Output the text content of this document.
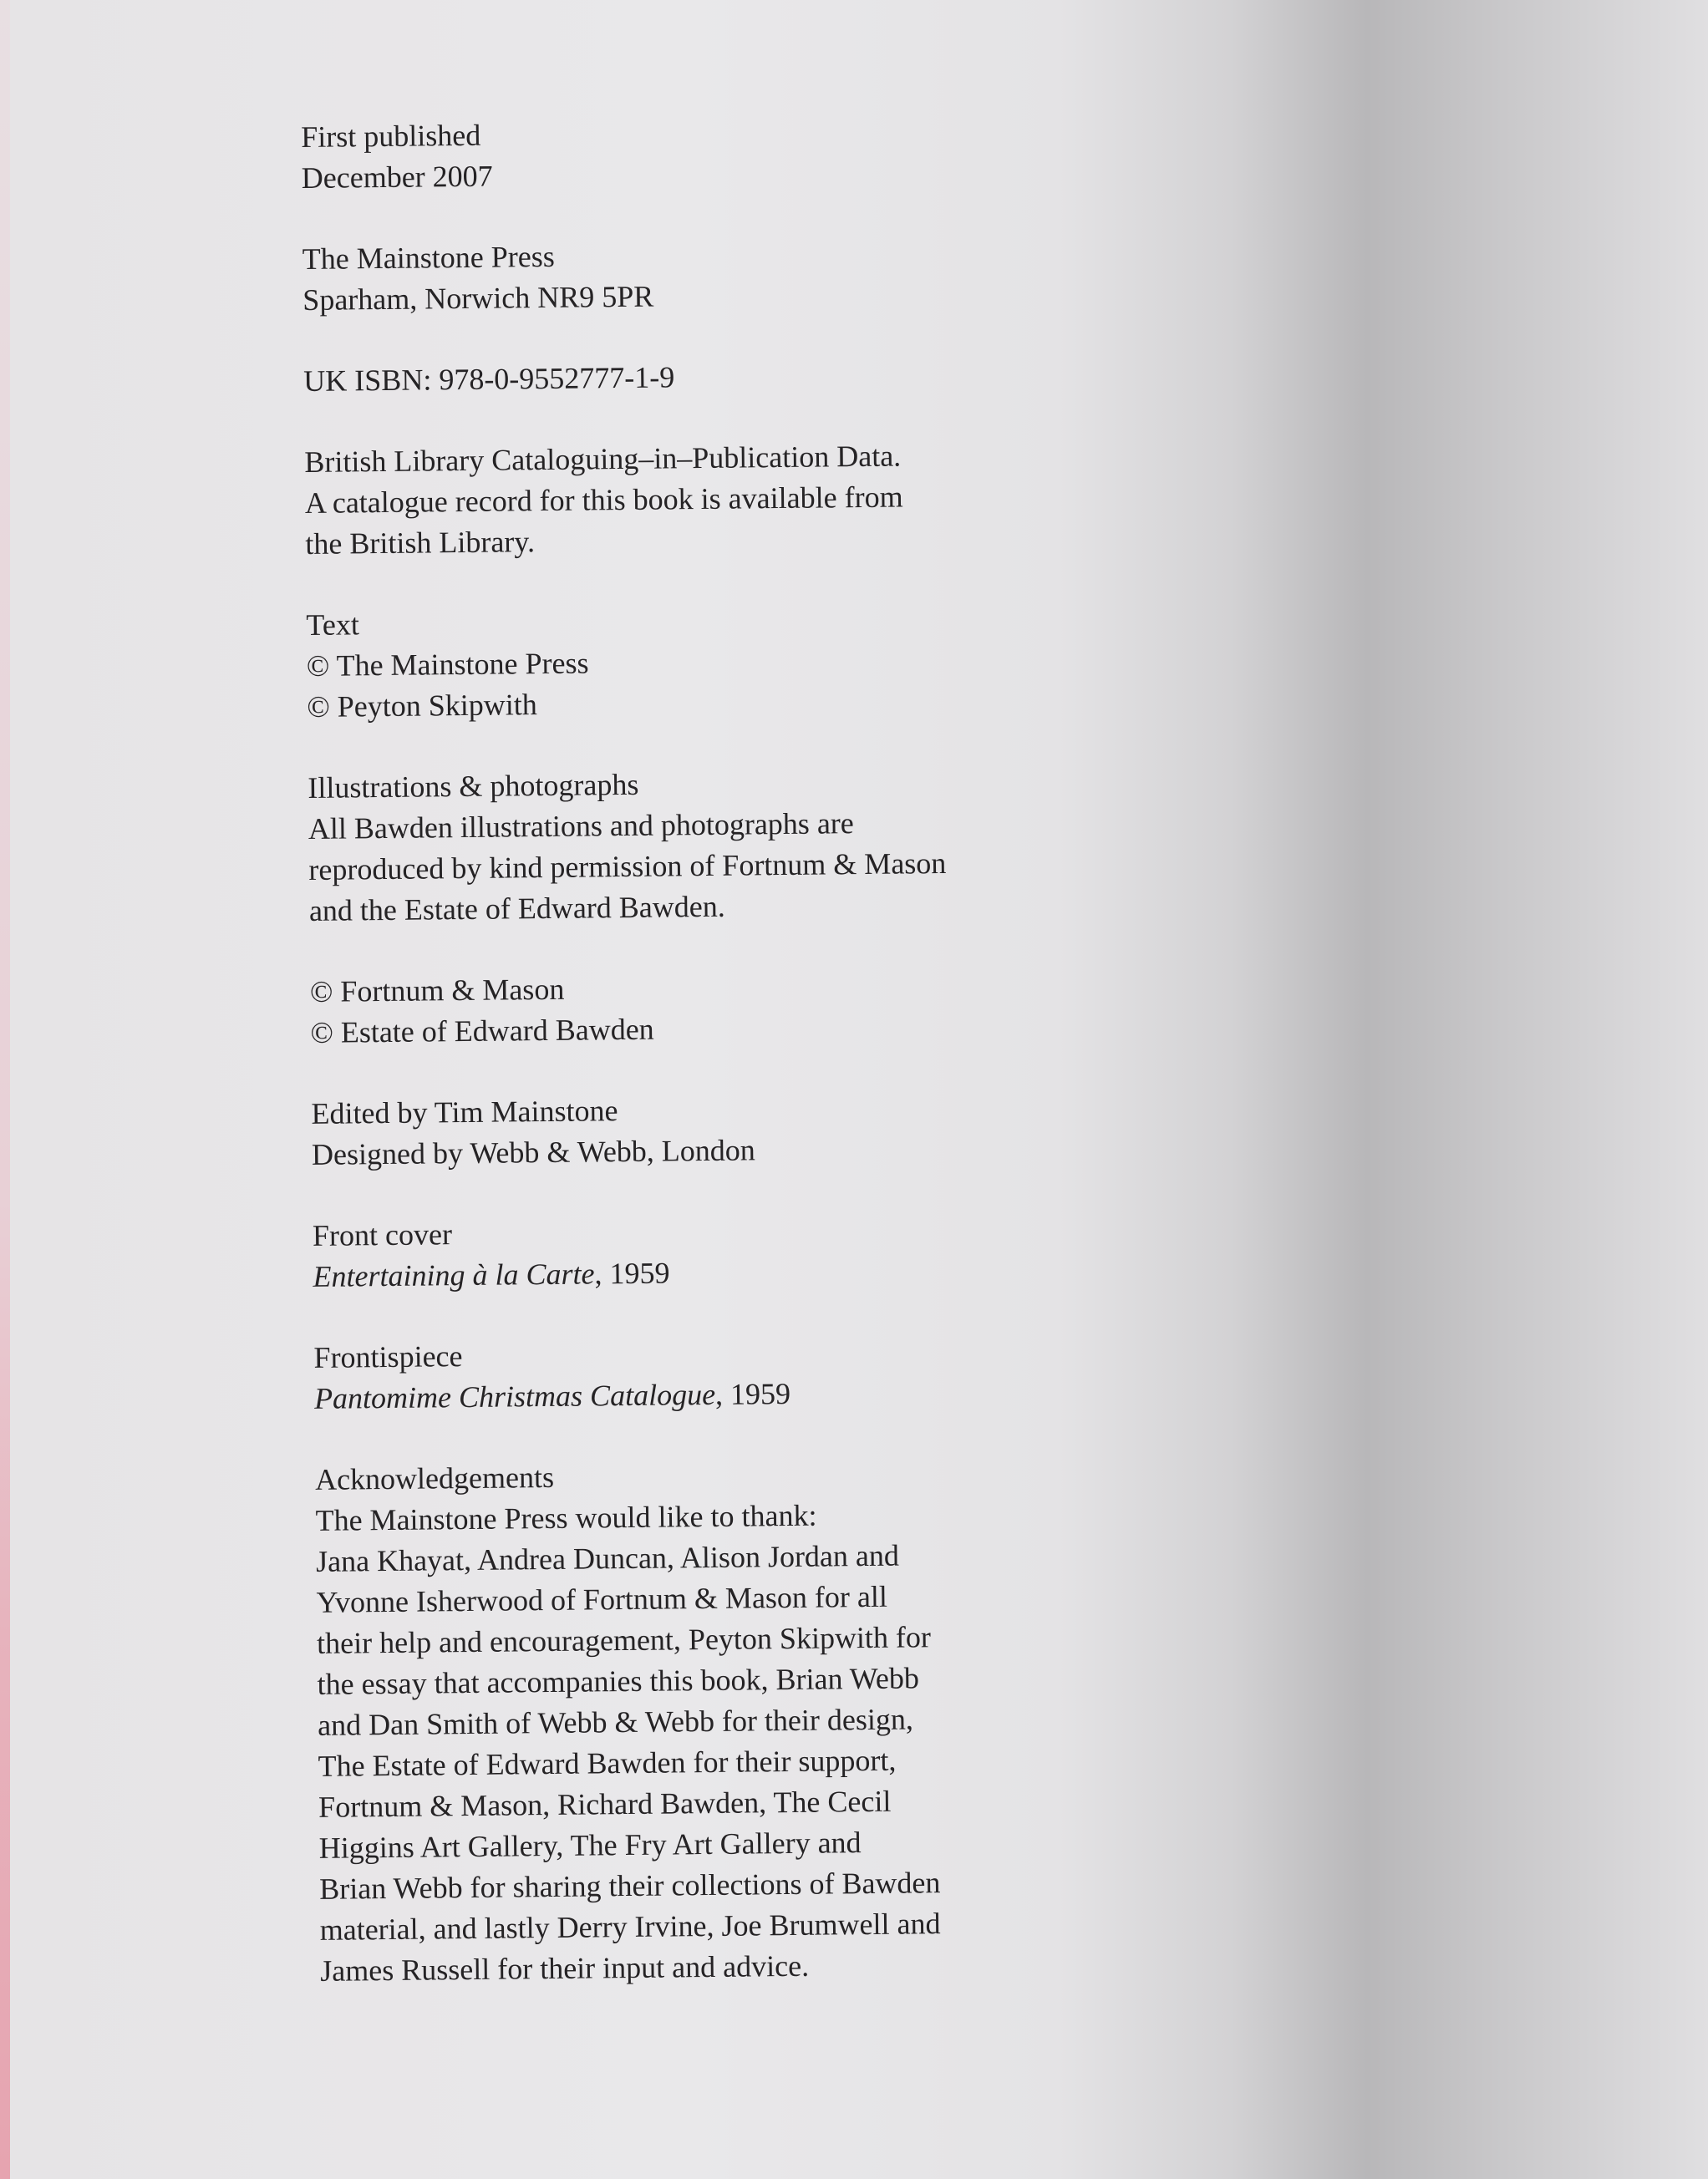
First published
December 2007
The Mainstone Press
Sparham, Norwich NR9 5PR
UK ISBN: 978-0-9552777-1-9
British Library Cataloguing–in–Publication Data.
A catalogue record for this book is available from
the British Library.
Text
© The Mainstone Press
© Peyton Skipwith
Illustrations & photographs
All Bawden illustrations and photographs are
reproduced by kind permission of Fortnum & Mason
and the Estate of Edward Bawden.
© Fortnum & Mason
© Estate of Edward Bawden
Edited by Tim Mainstone
Designed by Webb & Webb, London
Front cover
Entertaining à la Carte, 1959
Frontispiece
Pantomime Christmas Catalogue, 1959
Acknowledgements
The Mainstone Press would like to thank:
Jana Khayat, Andrea Duncan, Alison Jordan and
Yvonne Isherwood of Fortnum & Mason for all
their help and encouragement, Peyton Skipwith for
the essay that accompanies this book, Brian Webb
and Dan Smith of Webb & Webb for their design,
The Estate of Edward Bawden for their support,
Fortnum & Mason, Richard Bawden, The Cecil
Higgins Art Gallery, The Fry Art Gallery and
Brian Webb for sharing their collections of Bawden
material, and lastly Derry Irvine, Joe Brumwell and
James Russell for their input and advice.
